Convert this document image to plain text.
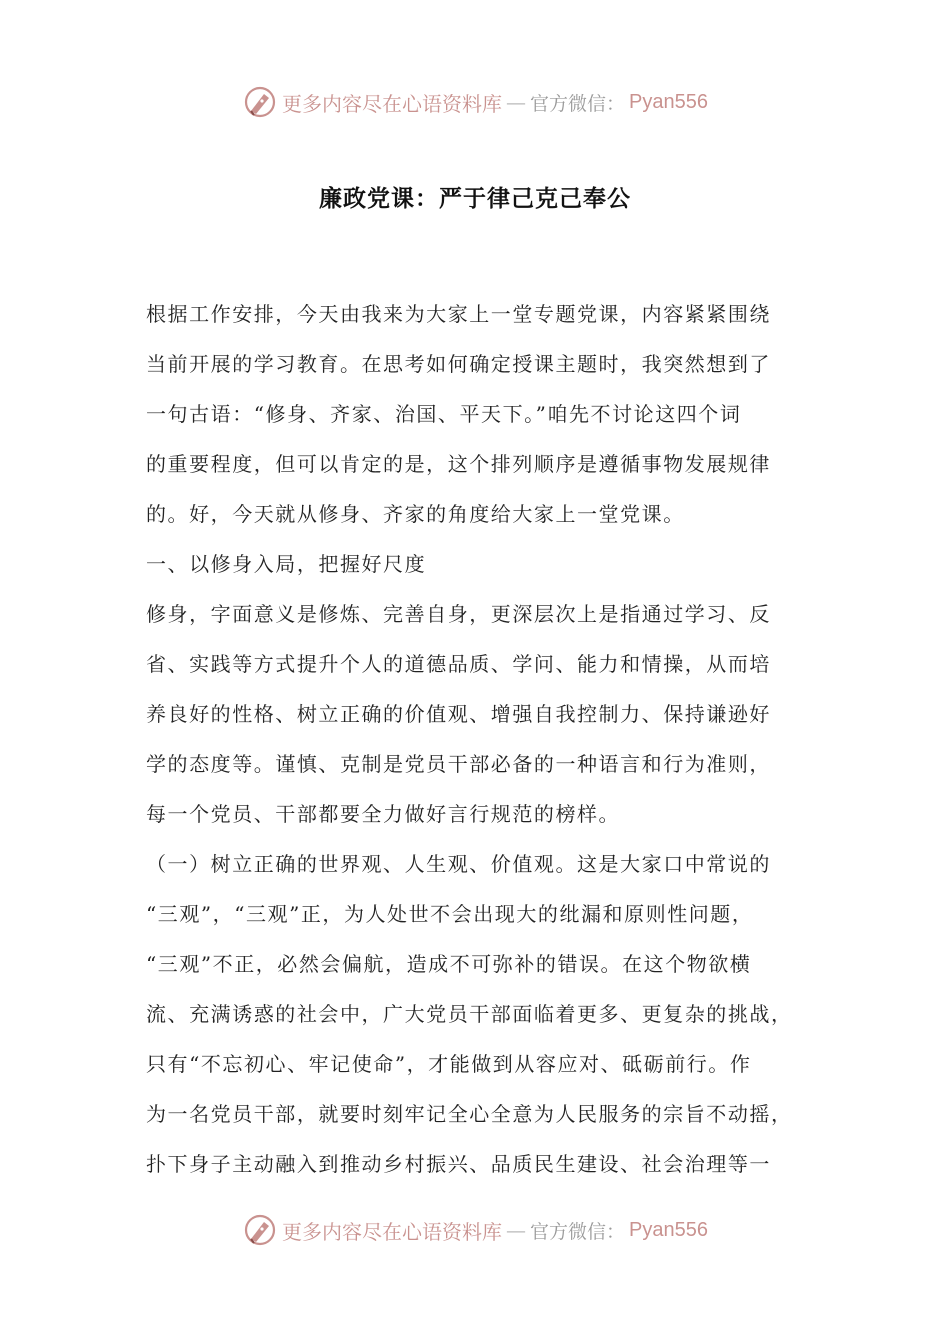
更多内容尽在心语资料库 — 官方微信： Pyan556
廉政党课：严于律己克己奉公
根据工作安排，今天由我来为大家上一堂专题党课，内容紧紧围绕
当前开展的学习教育。在思考如何确定授课主题时，我突然想到了
一句古语：“修身、齐家、治国、平天下。”咱先不讨论这四个词
的重要程度，但可以肯定的是，这个排列顺序是遵循事物发展规律
的。好，今天就从修身、齐家的角度给大家上一堂党课。
一、以修身入局，把握好尺度
修身，字面意义是修炼、完善自身，更深层次上是指通过学习、反
省、实践等方式提升个人的道德品质、学问、能力和情操，从而培
养良好的性格、树立正确的价值观、增强自我控制力、保持谦逊好
学的态度等。谨慎、克制是党员干部必备的一种语言和行为准则，
每一个党员、干部都要全力做好言行规范的榜样。
（一）树立正确的世界观、人生观、价值观。这是大家口中常说的
“三观”，“三观”正，为人处世不会出现大的纰漏和原则性问题，
“三观”不正，必然会偏航，造成不可弥补的错误。在这个物欲横
流、充满诱惑的社会中，广大党员干部面临着更多、更复杂的挑战，
只有“不忘初心、牢记使命”，才能做到从容应对、砥砺前行。作
为一名党员干部，就要时刻牢记全心全意为人民服务的宗旨不动摇，
扑下身子主动融入到推动乡村振兴、品质民生建设、社会治理等一
更多内容尽在心语资料库 — 官方微信： Pyan556
